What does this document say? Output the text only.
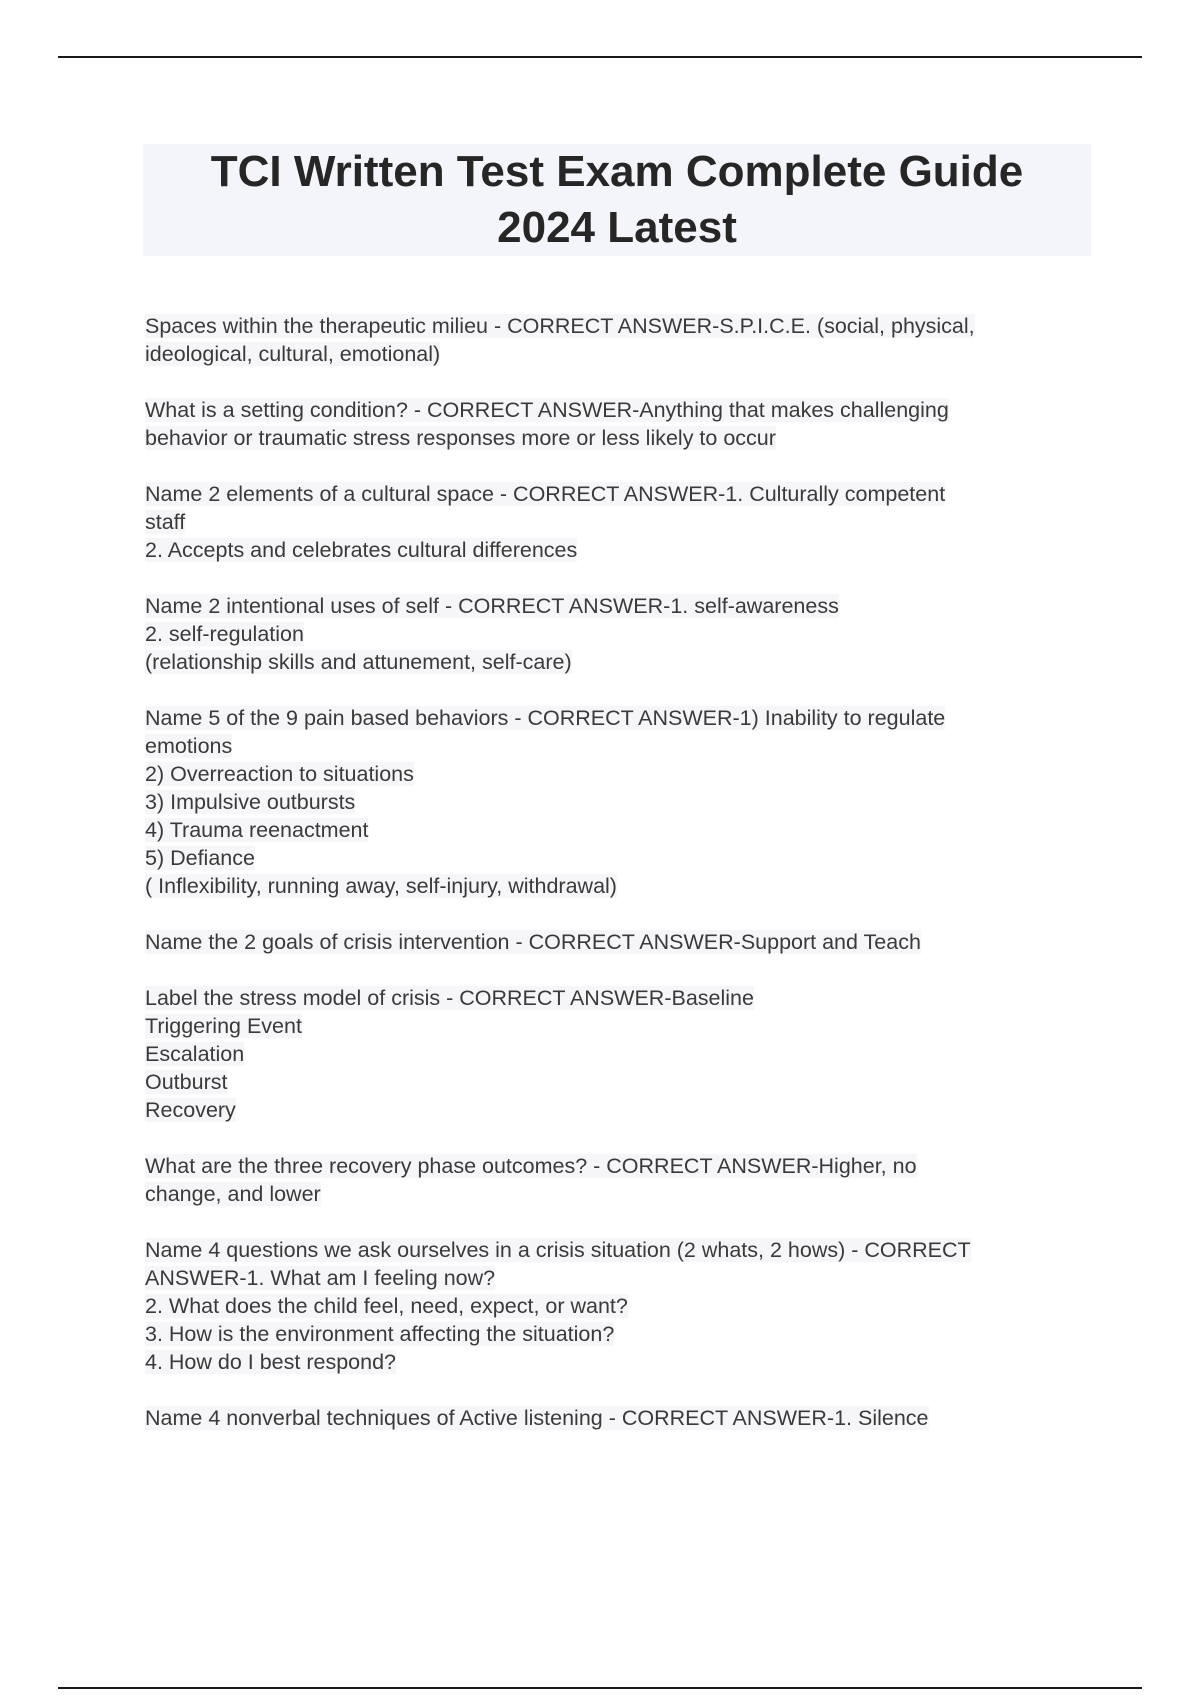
TCI Written Test Exam Complete Guide
2024 Latest
Spaces within the therapeutic milieu - CORRECT ANSWER-S.P.I.C.E. (social, physical,
ideological, cultural, emotional)
What is a setting condition? - CORRECT ANSWER-Anything that makes challenging
behavior or traumatic stress responses more or less likely to occur
Name 2 elements of a cultural space - CORRECT ANSWER-1. Culturally competent
staff
2. Accepts and celebrates cultural differences
Name 2 intentional uses of self - CORRECT ANSWER-1. self-awareness
2. self-regulation
(relationship skills and attunement, self-care)
Name 5 of the 9 pain based behaviors - CORRECT ANSWER-1) Inability to regulate
emotions
2) Overreaction to situations
3) Impulsive outbursts
4) Trauma reenactment
5) Defiance
( Inflexibility, running away, self-injury, withdrawal)
Name the 2 goals of crisis intervention - CORRECT ANSWER-Support and Teach
Label the stress model of crisis - CORRECT ANSWER-Baseline
Triggering Event
Escalation
Outburst
Recovery
What are the three recovery phase outcomes? - CORRECT ANSWER-Higher, no
change, and lower
Name 4 questions we ask ourselves in a crisis situation (2 whats, 2 hows) - CORRECT
ANSWER-1. What am I feeling now?
2. What does the child feel, need, expect, or want?
3. How is the environment affecting the situation?
4. How do I best respond?
Name 4 nonverbal techniques of Active listening - CORRECT ANSWER-1. Silence
